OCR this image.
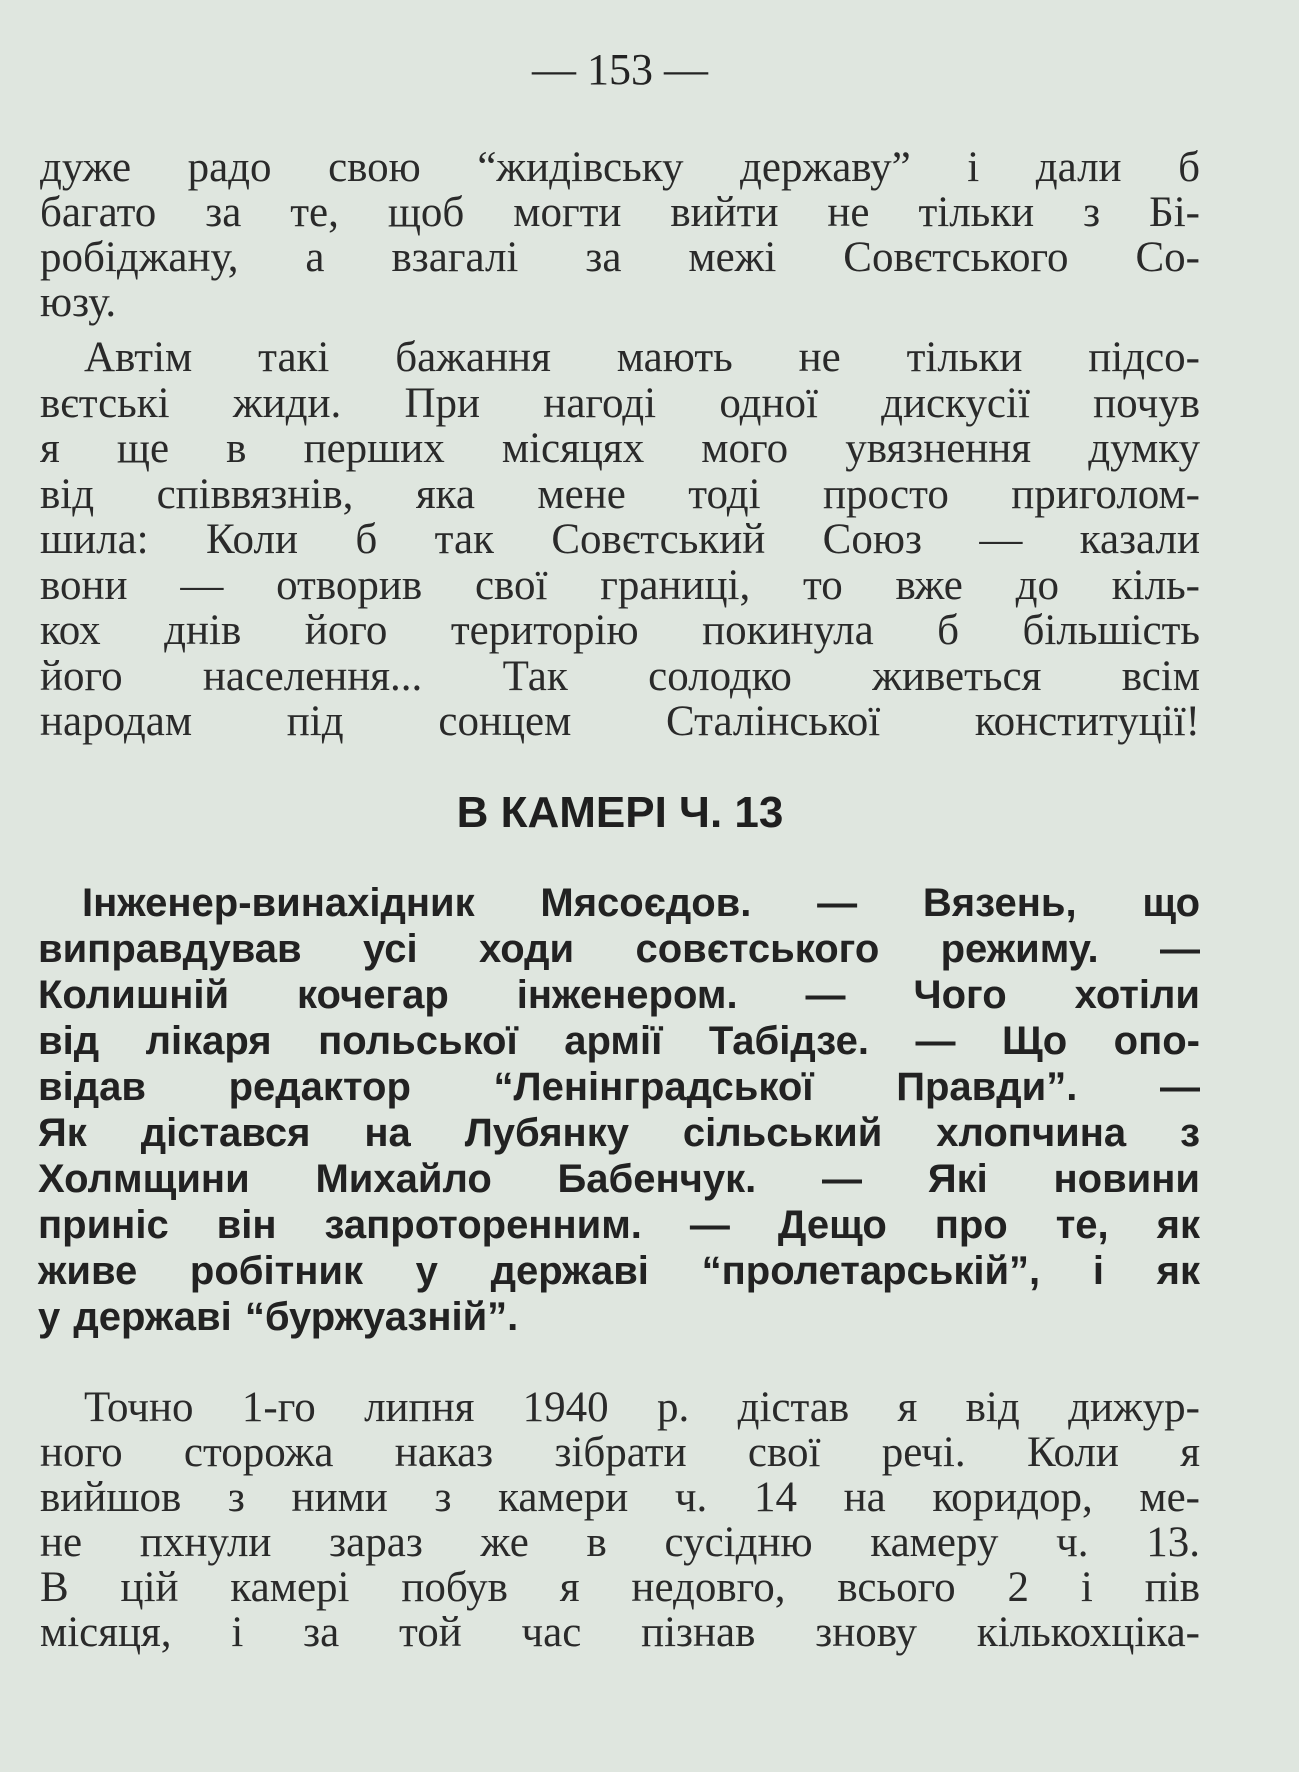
— 153 —
дуже радо свою “жидівську державу” і дали б
багато за те, щоб могти вийти не тільки з Бі-
робіджану, а взагалі за межі Совєтського Со-
юзу.
Автім такі бажання мають не тільки підсо-
вєтські жиди. При нагоді одної дискусії почув
я ще в перших місяцях мого увязнення думку
від співвязнів, яка мене тоді просто приголом-
шила: Коли б так Совєтський Союз — казали
вони — отворив свої границі, то вже до кіль-
кох днів його територію покинула б більшість
його населення... Так солодко живеться всім
народам під сонцем Сталінської конституції!
В КАМЕРІ Ч. 13
Інженер-винахідник Мясоєдов. — Вязень, що
виправдував усі ходи совєтського режиму. —
Колишній кочегар інженером. — Чого хотіли
від лікаря польської армії Табідзе. — Що опо-
відав редактор “Ленінградської Правди”. —
Як дістався на Лубянку сільський хлопчина з
Холмщини Михайло Бабенчук. — Які новини
приніс він запроторенним. — Дещо про те, як
живе робітник у державі “пролетарській”, і як
у державі “буржуазній”.
Точно 1-го липня 1940 р. дістав я від дижур-
ного сторожа наказ зібрати свої речі. Коли я
вийшов з ними з камери ч. 14 на коридор, ме-
не пхнули зараз же в сусідню камеру ч. 13.
В цій камері побув я недовго, всього 2 і пів
місяця, і за той час пізнав знову кількохціка-
